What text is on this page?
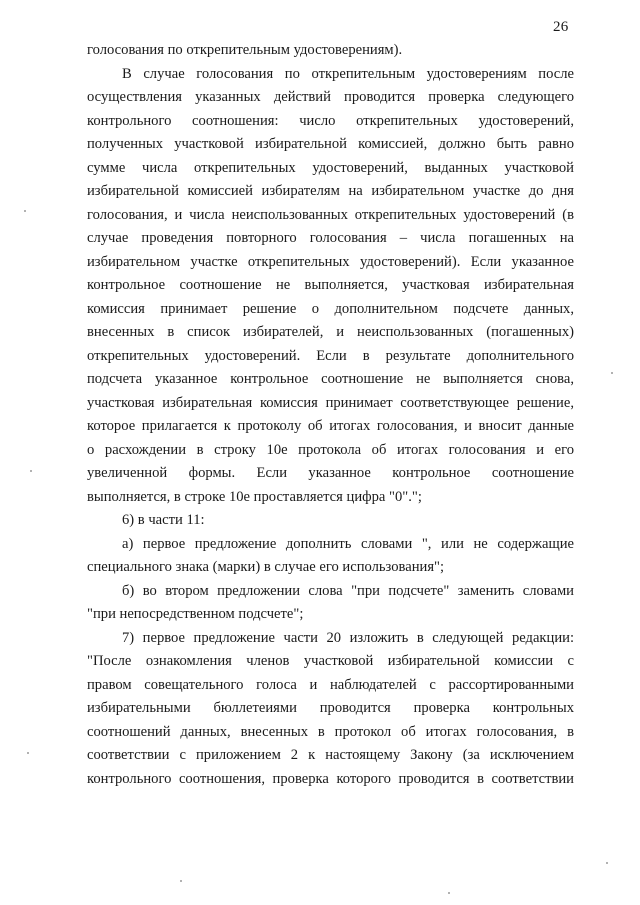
26
голосования по открепительным удостоверениям).
В случае голосования по открепительным удостоверениям после
осуществления указанных действий проводится проверка следующего
контрольного соотношения: число открепительных удостоверений,
полученных участковой избирательной комиссией, должно быть равно
сумме числа открепительных удостоверений, выданных участковой
избирательной комиссией избирателям на избирательном участке до дня
голосования, и числа неиспользованных открепительных удостоверений (в
случае проведения повторного голосования – числа погашенных на
избирательном участке открепительных удостоверений). Если указанное
контрольное соотношение не выполняется, участковая избирательная
комиссия принимает решение о дополнительном подсчете данных,
внесенных в список избирателей, и неиспользованных (погашенных)
открепительных удостоверений. Если в результате дополнительного
подсчета указанное контрольное соотношение не выполняется снова,
участковая избирательная комиссия принимает соответствующее решение,
которое прилагается к протоколу об итогах голосования, и вносит данные
о расхождении в строку 10е протокола об итогах голосования и его
увеличенной формы. Если указанное контрольное соотношение
выполняется, в строке 10е проставляется цифра "0".";
6) в части 11:
а) первое предложение дополнить словами ", или не содержащие
специального знака (марки) в случае его использования";
б) во втором предложении слова "при подсчете" заменить словами
"при непосредственном подсчете";
7) первое предложение части 20 изложить в следующей редакции:
"После ознакомления членов участковой избирательной комиссии с
правом совещательного голоса и наблюдателей с рассортированными
избирательными бюллетеиями проводится проверка контрольных
соотношений данных, внесенных в протокол об итогах голосования, в
соответствии с приложением 2 к настоящему Закону (за исключением
контрольного соотношения, проверка которого проводится в соответствии
